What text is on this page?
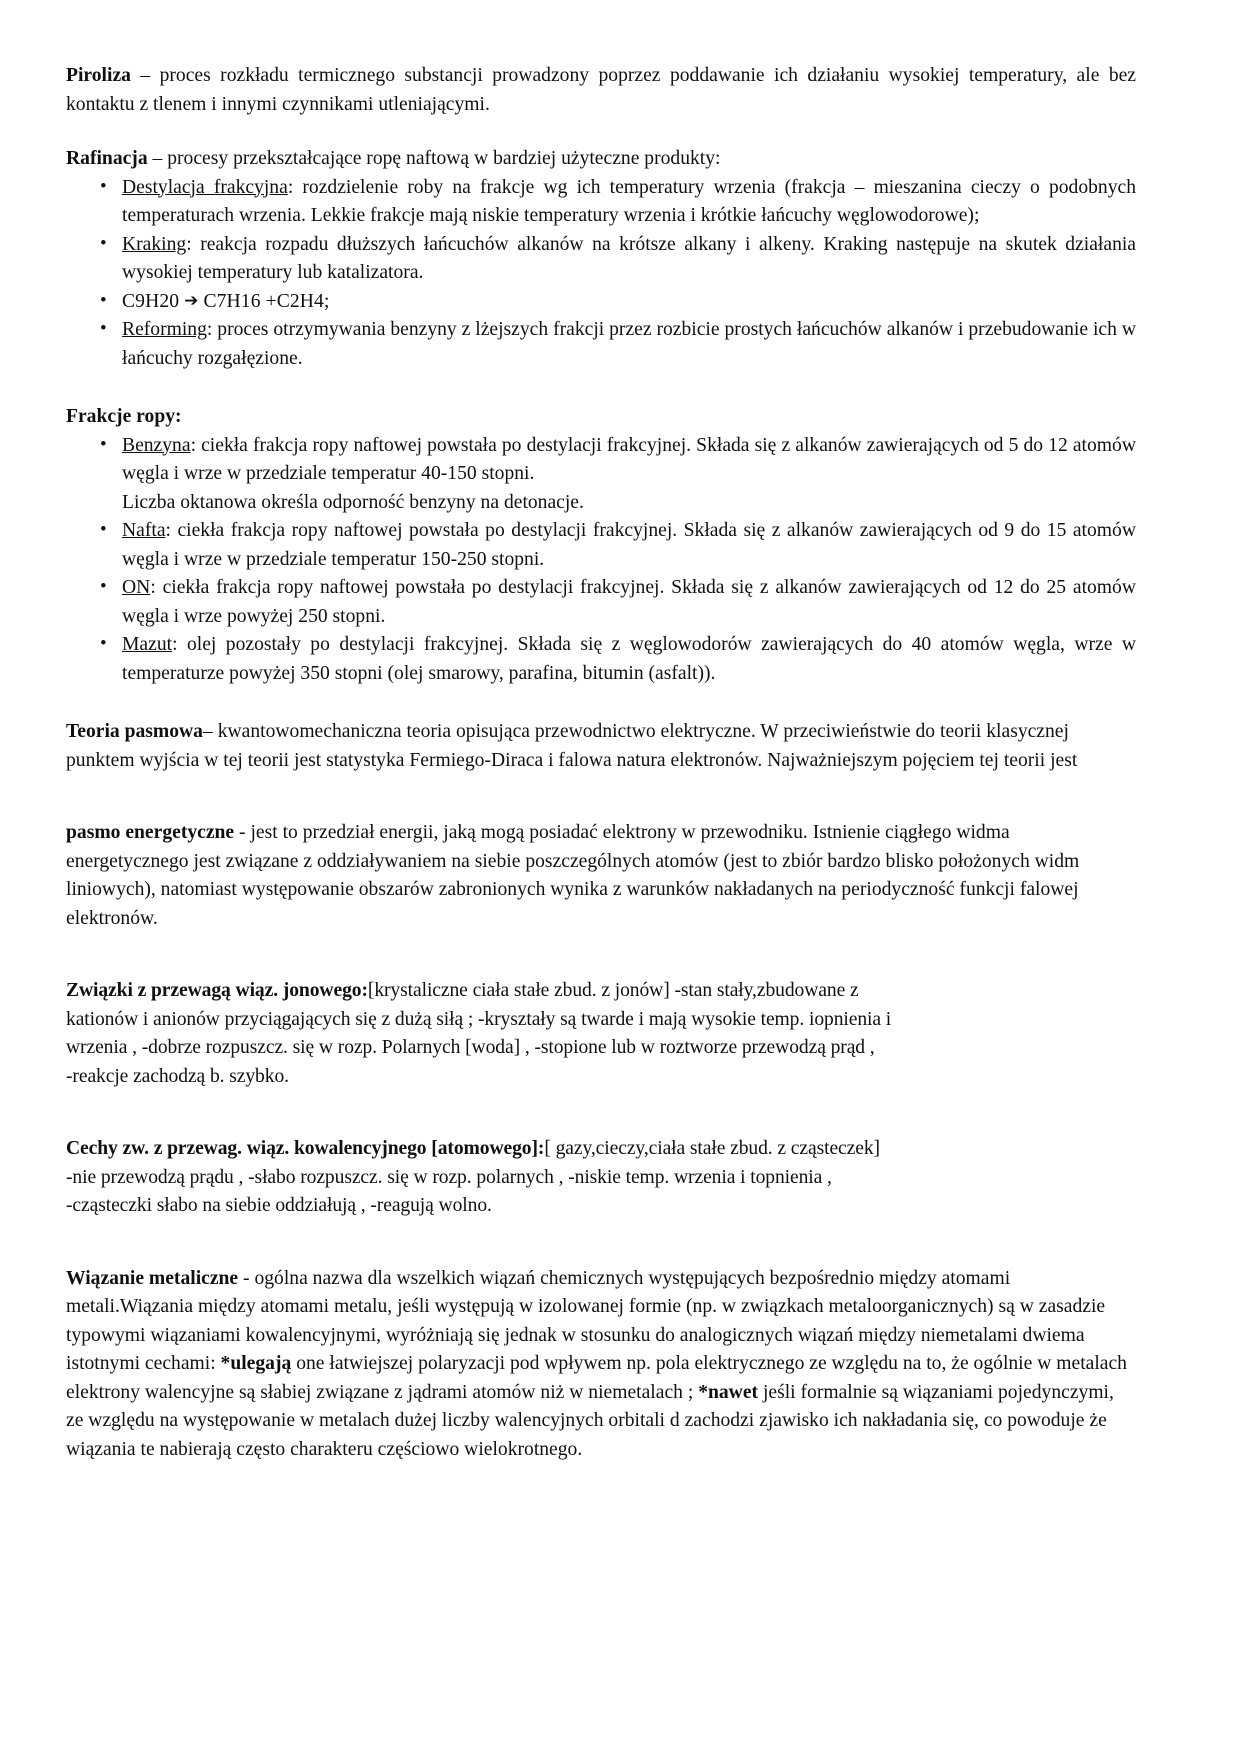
Piroliza – proces rozkładu termicznego substancji prowadzony poprzez poddawanie ich działaniu wysokiej temperatury, ale bez kontaktu z tlenem i innymi czynnikami utleniającymi.

Rafinacja – procesy przekształcające ropę naftową w bardziej użyteczne produkty:

• Destylacja frakcyjna: rozdzielenie roby na frakcje wg ich temperatury wrzenia (frakcja – mieszanina cieczy o podobnych temperaturach wrzenia. Lekkie frakcje mają niskie temperatury wrzenia i krótkie łańcuchy węglowodorowe);
• Kraking: reakcja rozpadu dłuższych łańcuchów alkanów na krótsze alkany i alkeny. Kraking następuje na skutek działania wysokiej temperatury lub katalizatora.
• C9H20 ➔ C7H16 +C2H4;
• Reforming: proces otrzymywania benzyny z lżejszych frakcji przez rozbicie prostych łańcuchów alkanów i przebudowanie ich w łańcuchy rozgałęzione.

Frakcje ropy:

• Benzyna: ciekła frakcja ropy naftowej powstała po destylacji frakcyjnej. Składa się z alkanów zawierających od 5 do 12 atomów węgla i wrze w przedziale temperatur 40-150 stopni.
Liczba oktanowa określa odporność benzyny na detonacje.
• Nafta: ciekła frakcja ropy naftowej powstała po destylacji frakcyjnej. Składa się z alkanów zawierających od 9 do 15 atomów węgla i wrze w przedziale temperatur 150-250 stopni.
• ON: ciekła frakcja ropy naftowej powstała po destylacji frakcyjnej. Składa się z alkanów zawierających od 12 do 25 atomów węgla i wrze powyżej 250 stopni.
• Mazut: olej pozostały po destylacji frakcyjnej. Składa się z węglowodorów zawierających do 40 atomów węgla, wrze w temperaturze powyżej 350 stopni (olej smarowy, parafina, bitumin (asfalt)).

Teoria pasmowa– kwantowomechaniczna teoria opisująca przewodnictwo elektryczne. W przeciwieństwie do teorii klasycznej punktem wyjścia w tej teorii jest statystyka Fermiego-Diraca i falowa natura elektronów. Najważniejszym pojęciem tej teorii jest

pasmo energetyczne - jest to przedział energii, jaką mogą posiadać elektrony w przewodniku. Istnienie ciągłego widma energetycznego jest związane z oddziaływaniem na siebie poszczególnych atomów (jest to zbiór bardzo blisko położonych widm liniowych), natomiast występowanie obszarów zabronionych wynika z warunków nakładanych na periodyczność funkcji falowej elektronów.

Związki z przewagą wiąz. jonowego:[krystaliczne ciała stałe zbud. z jonów] -stan stały,zbudowane z

kationów i anionów przyciągających się z dużą siłą ; -kryształy są twarde i mają wysokie temp. iopnienia i

wrzenia , -dobrze rozpuszcz. się w rozp. Polarnych [woda] , -stopione lub w roztworze przewodzą prąd ,

-reakcje zachodzą b. szybko.

Cechy zw. z przewag. wiąz. kowalencyjnego [atomowego]:[ gazy,cieczy,ciała stałe zbud. z cząsteczek]

-nie przewodzą prądu , -słabo rozpuszcz. się w rozp. polarnych , -niskie temp. wrzenia i topnienia ,

-cząsteczki słabo na siebie oddziałują , -reagują wolno.

Wiązanie metaliczne - ogólna nazwa dla wszelkich wiązań chemicznych występujących bezpośrednio między atomami metali.Wiązania między atomami metalu, jeśli występują w izolowanej formie (np. w związkach metaloorganicznych) są w zasadzie typowymi wiązaniami kowalencyjnymi, wyróżniają się jednak w stosunku do analogicznych wiązań między niemetalami dwiema istotnymi cechami: *ulegają one łatwiejszej polaryzacji pod wpływem np. pola elektrycznego ze względu na to, że ogólnie w metalach elektrony walencyjne są słabiej związane z jądrami atomów niż w niemetalach ; *nawet jeśli formalnie są wiązaniami pojedynczymi, ze względu na występowanie w metalach dużej liczby walencyjnych orbitali d zachodzi zjawisko ich nakładania się, co powoduje że wiązania te nabierają często charakteru częściowo wielokrotnego.
